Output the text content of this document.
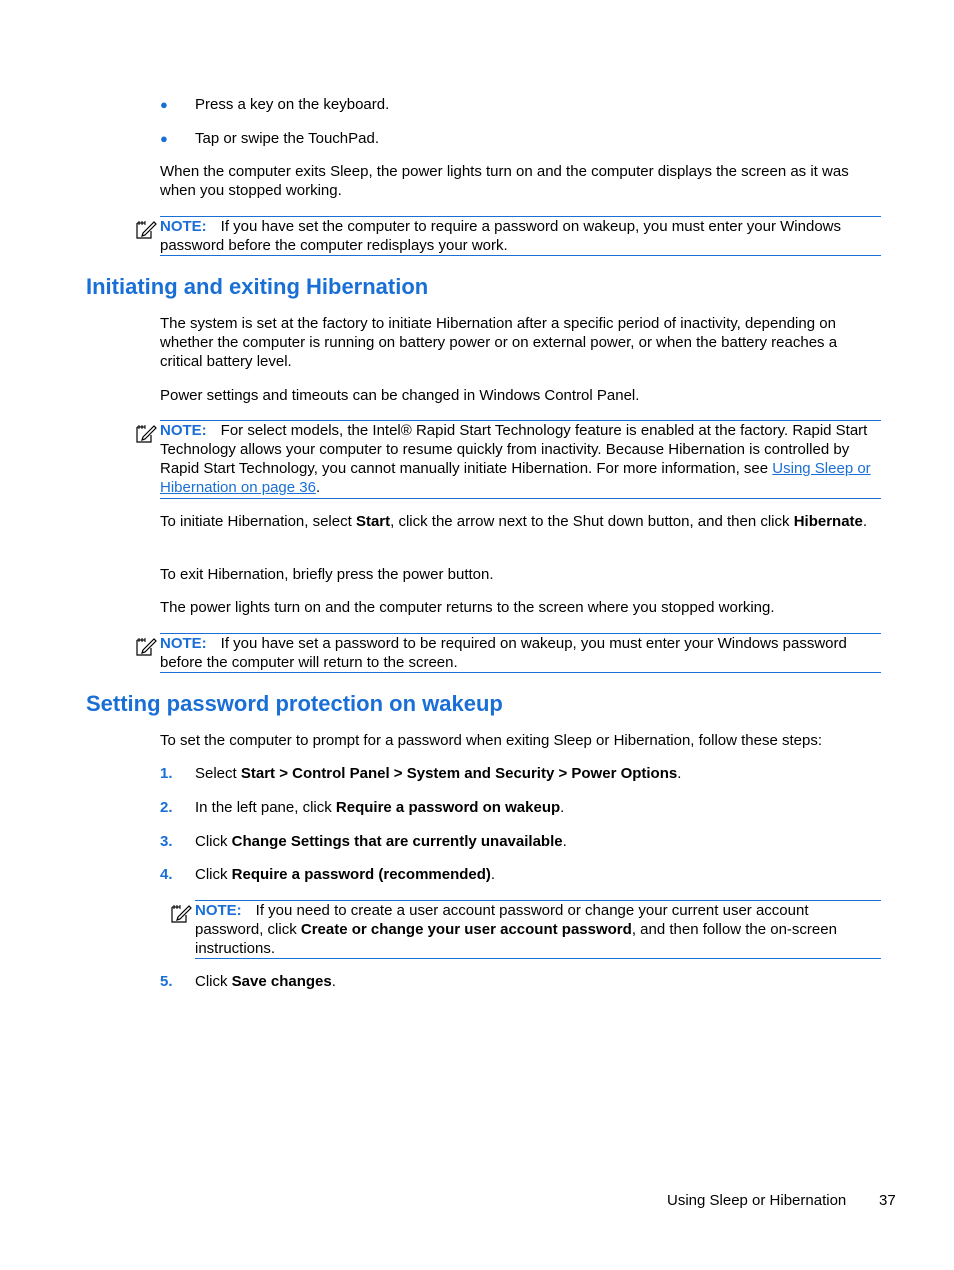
● Press a key on the keyboard.
● Tap or swipe the TouchPad.
When the computer exits Sleep, the power lights turn on and the computer displays the screen as it was when you stopped working.
NOTE: If you have set the computer to require a password on wakeup, you must enter your Windows password before the computer redisplays your work.
Initiating and exiting Hibernation
The system is set at the factory to initiate Hibernation after a specific period of inactivity, depending on whether the computer is running on battery power or on external power, or when the battery reaches a critical battery level.
Power settings and timeouts can be changed in Windows Control Panel.
NOTE: For select models, the Intel® Rapid Start Technology feature is enabled at the factory. Rapid Start Technology allows your computer to resume quickly from inactivity. Because Hibernation is controlled by Rapid Start Technology, you cannot manually initiate Hibernation. For more information, see Using Sleep or Hibernation on page 36.
To initiate Hibernation, select Start, click the arrow next to the Shut down button, and then click Hibernate.
To exit Hibernation, briefly press the power button.
The power lights turn on and the computer returns to the screen where you stopped working.
NOTE: If you have set a password to be required on wakeup, you must enter your Windows password before the computer will return to the screen.
Setting password protection on wakeup
To set the computer to prompt for a password when exiting Sleep or Hibernation, follow these steps:
1. Select Start > Control Panel > System and Security > Power Options.
2. In the left pane, click Require a password on wakeup.
3. Click Change Settings that are currently unavailable.
4. Click Require a password (recommended).
NOTE: If you need to create a user account password or change your current user account password, click Create or change your user account password, and then follow the on-screen instructions.
5. Click Save changes.
Using Sleep or Hibernation 37
